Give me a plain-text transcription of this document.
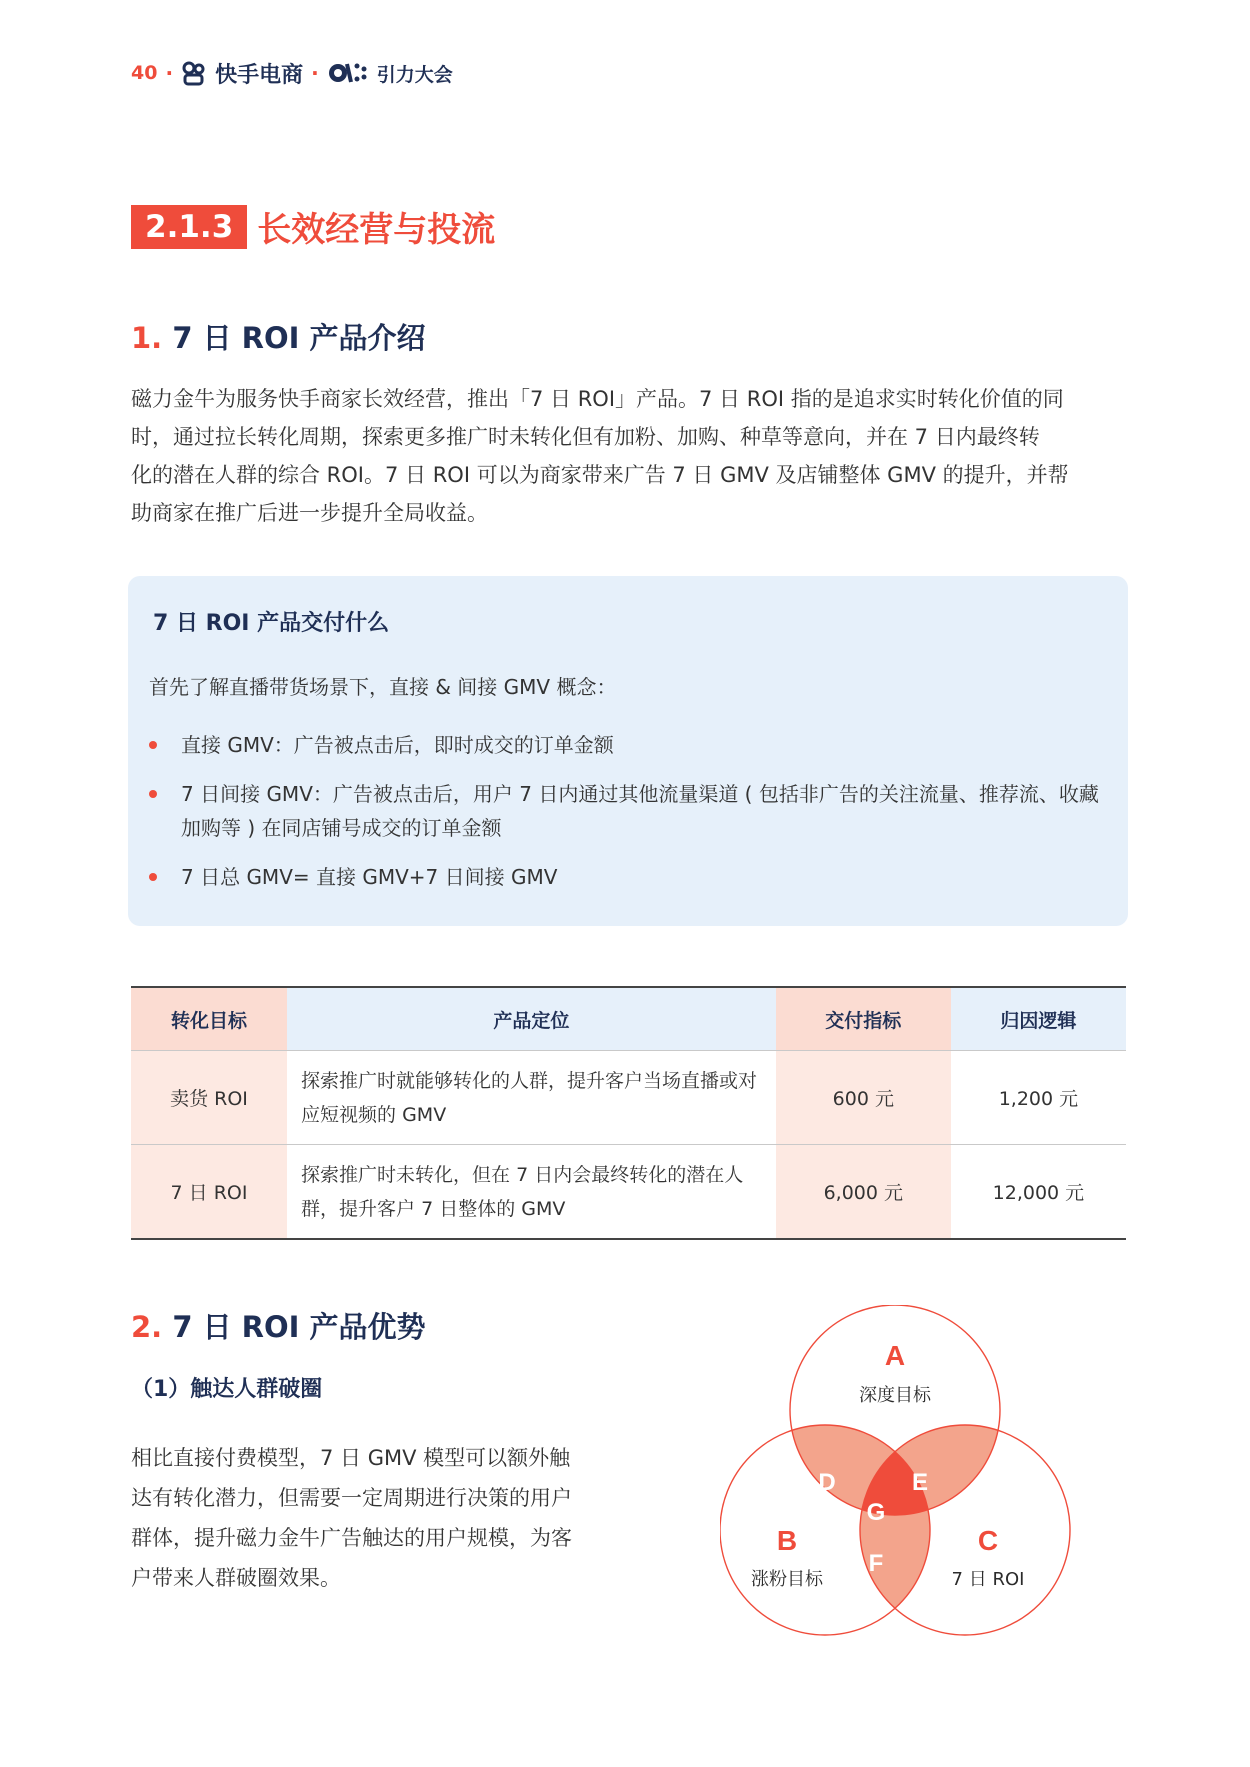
40 · 快手电商 ·	引力大会
2.1.3 长效经营与投流
1. 7 日 ROI 产品介绍
磁力金牛为服务快手商家长效经营，推出「7 日 ROI」产品。7 日 ROI 指的是追求实时转化价值的同
时，通过拉长转化周期，探索更多推广时未转化但有加粉、加购、种草等意向，并在 7 日内最终转
化的潜在人群的综合 ROI。7 日 ROI 可以为商家带来广告 7 日 GMV 及店铺整体 GMV 的提升，并帮
助商家在推广后进一步提升全局收益。
7 日 ROI 产品交付什么
首先了解直播带货场景下，直接 & 间接 GMV 概念：
直接 GMV：广告被点击后，即时成交的订单金额
7 日间接 GMV：广告被点击后，用户 7 日内通过其他流量渠道 ( 包括非广告的关注流量、推荐流、收藏加购等 ) 在同店铺号成交的订单金额
7 日总 GMV= 直接 GMV+7 日间接 GMV
转化目标	产品定位	交付指标	归因逻辑
卖货 ROI	探索推广时就能够转化的人群，提升客户当场直播或对应短视频的 GMV	600 元	1,200 元
7 日 ROI	探索推广时未转化，但在 7 日内会最终转化的潜在人群，提升客户 7 日整体的 GMV	6,000 元	12,000 元
2. 7 日 ROI 产品优势
（1）触达人群破圈
相比直接付费模型，7 日 GMV 模型可以额外触
达有转化潜力，但需要一定周期进行决策的用户
群体，提升磁力金牛广告触达的用户规模，为客
户带来人群破圈效果。
A
深度目标
B
涨粉目标
C
7 日 ROI
D	E
F
G
